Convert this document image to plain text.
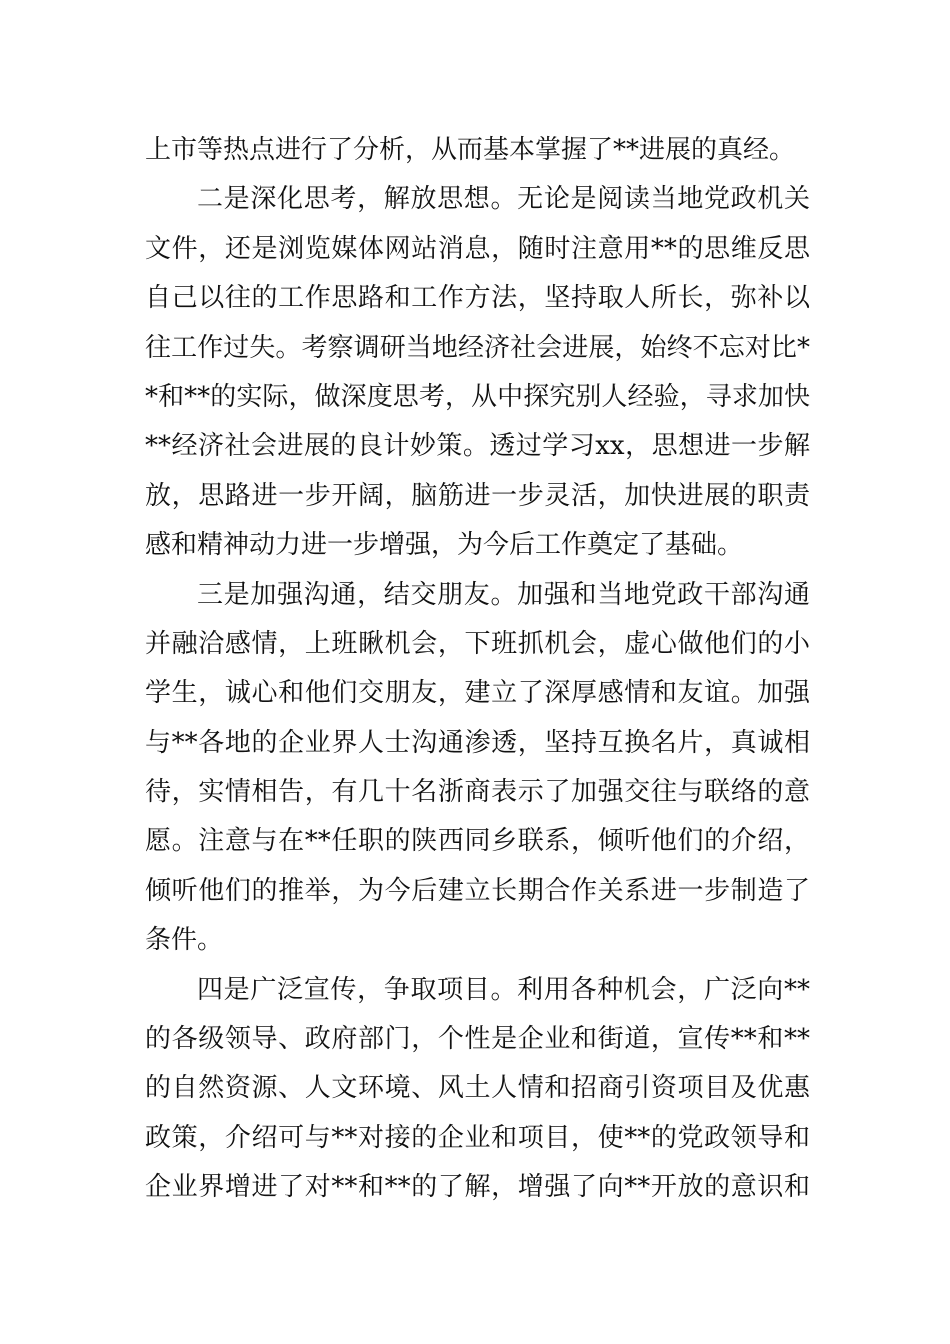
上市等热点进行了分析，从而基本掌握了**进展的真经。
二是深化思考，解放思想。无论是阅读当地党政机关
文件，还是浏览媒体网站消息，随时注意用**的思维反思
自己以往的工作思路和工作方法，坚持取人所长，弥补以
往工作过失。考察调研当地经济社会进展，始终不忘对比*
*和**的实际，做深度思考，从中探究别人经验，寻求加快
**经济社会进展的良计妙策。透过学习xx，思想进一步解
放，思路进一步开阔，脑筋进一步灵活，加快进展的职责
感和精神动力进一步增强，为今后工作奠定了基础。
三是加强沟通，结交朋友。加强和当地党政干部沟通
并融洽感情，上班瞅机会，下班抓机会，虚心做他们的小
学生，诚心和他们交朋友，建立了深厚感情和友谊。加强
与**各地的企业界人士沟通渗透，坚持互换名片，真诚相
待，实情相告，有几十名浙商表示了加强交往与联络的意
愿。注意与在**任职的陕西同乡联系，倾听他们的介绍，
倾听他们的推举，为今后建立长期合作关系进一步制造了
条件。
四是广泛宣传，争取项目。利用各种机会，广泛向**
的各级领导、政府部门，个性是企业和街道，宣传**和**
的自然资源、人文环境、风土人情和招商引资项目及优惠
政策，介绍可与**对接的企业和项目，使**的党政领导和
企业界增进了对**和**的了解，增强了向**开放的意识和
